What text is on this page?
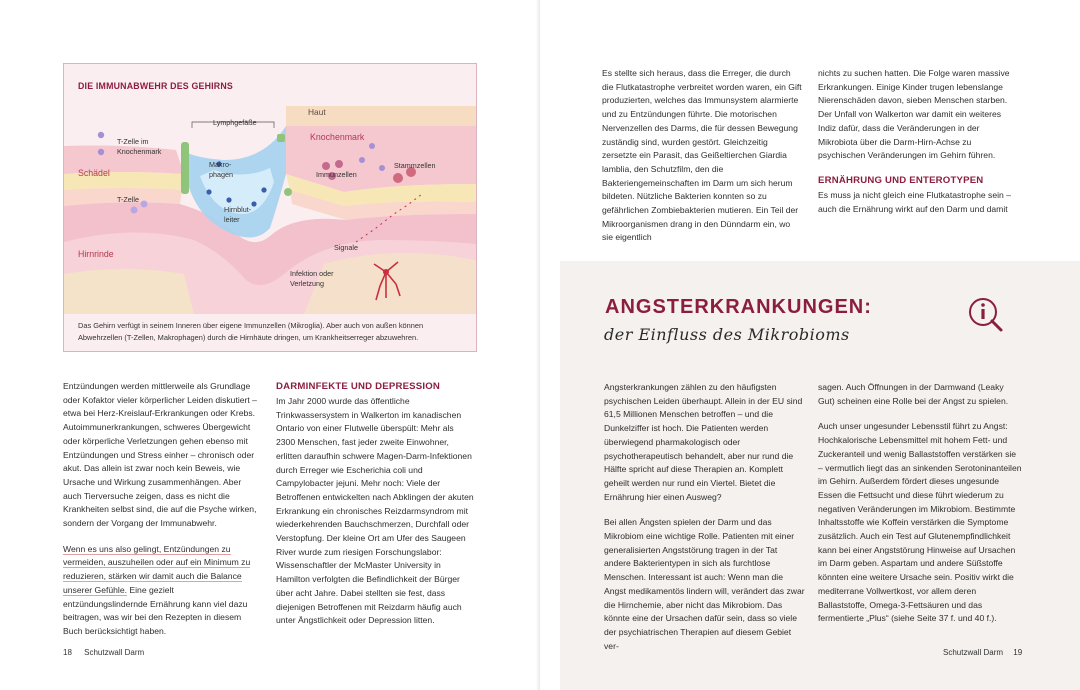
DIE IMMUNABWEHR DES GEHIRNS
Haut
Knochenmark
Schädel
Hirnrinde
Lymphgefäße
T-Zelle im
Knochenmark
Makro-
phagen
T-Zelle
Immunzellen
Stammzellen
Hirnblut-
leiter
Signale
Infektion oder
Verletzung
Das Gehirn verfügt in seinem Inneren über eigene Immunzellen (Mikroglia). Aber auch von außen können Abwehrzellen (T-Zellen, Makrophagen) durch die Hirnhäute dringen, um Krankheitserreger abzuwehren.

Entzündungen werden mittlerweile als Grundlage oder Kofaktor vieler körperlicher Leiden diskutiert – etwa bei Herz-Kreislauf-Erkrankungen oder Krebs. Autoimmunerkrankungen, schweres Übergewicht oder körperliche Verletzungen gehen ebenso mit Entzündungen und Stress einher – chronisch oder akut. Das allein ist zwar noch kein Beweis, wie Ursache und Wirkung zusammenhängen. Aber auch Tierversuche zeigen, dass es nicht die Krankheiten selbst sind, die auf die Psyche wirken, sondern der Vorgang der Immunabwehr.

Wenn es uns also gelingt, Entzündungen zu vermeiden, auszuheilen oder auf ein Minimum zu reduzieren, stärken wir damit auch die Balance unserer Gefühle. Eine gezielt entzündungslindernde Ernährung kann viel dazu beitragen, was wir bei den Rezepten in diesem Buch berücksichtigt haben.

DARMINFEKTE UND DEPRESSION

Im Jahr 2000 wurde das öffentliche Trinkwassersystem in Walkerton im kanadischen Ontario von einer Flutwelle überspült: Mehr als 2300 Menschen, fast jeder zweite Einwohner, erlitten daraufhin schwere Magen-Darm-Infektionen durch Erreger wie Escherichia coli und Campylobacter jejuni. Mehr noch: Viele der Betroffenen entwickelten nach Abklingen der akuten Erkrankung ein chronisches Reizdarmsyndrom mit wiederkehrenden Bauchschmerzen, Durchfall oder Verstopfung. Der kleine Ort am Ufer des Saugeen River wurde zum riesigen Forschungslabor: Wissenschaftler der McMaster University in Hamilton verfolgten die Befindlichkeit der Bürger über acht Jahre. Dabei stellten sie fest, dass diejenigen Betroffenen mit Reizdarm häufig auch unter Ängstlichkeit oder Depression litten.

18 Schutzwall Darm

Es stellte sich heraus, dass die Erreger, die durch die Flutkatastrophe verbreitet worden waren, ein Gift produzierten, welches das Immunsystem alarmierte und zu Entzündungen führte. Die motorischen Nervenzellen des Darms, die für dessen Bewegung zuständig sind, wurden gestört. Gleichzeitig zersetzte ein Parasit, das Geißeltierchen Giardia lamblia, den Schutzfilm, den die Bakteriengemeinschaften im Darm um sich herum bildeten. Nützliche Bakterien konnten so zu gefährlichen Zombiebakterien mutieren. Ein Teil der Mikroorganismen drang in den Dünndarm ein, wo sie eigentlich

nichts zu suchen hatten. Die Folge waren massive Erkrankungen. Einige Kinder trugen lebenslange Nierenschäden davon, sieben Menschen starben. Der Unfall von Walkerton war damit ein weiteres Indiz dafür, dass die Veränderungen in der Mikrobiota über die Darm-Hirn-Achse zu psychischen Veränderungen im Gehirn führen.

ERNÄHRUNG UND ENTEROTYPEN

Es muss ja nicht gleich eine Flutkatastrophe sein – auch die Ernährung wirkt auf den Darm und damit

ANGSTERKRANKUNGEN:
der Einfluss des Mikrobioms

Angsterkrankungen zählen zu den häufigsten psychischen Leiden überhaupt. Allein in der EU sind 61,5 Millionen Menschen betroffen – und die Dunkelziffer ist hoch. Die Patienten werden überwiegend pharmakologisch oder psychotherapeutisch behandelt, aber nur rund die Hälfte spricht auf diese Therapien an. Komplett geheilt werden nur rund ein Viertel. Bietet die Ernährung hier einen Ausweg?

Bei allen Ängsten spielen der Darm und das Mikrobiom eine wichtige Rolle. Patienten mit einer generalisierten Angststörung tragen in der Tat andere Bakterientypen in sich als furchtlose Menschen. Interessant ist auch: Wenn man die Angst medikamentös lindern will, verändert das zwar die Hirnchemie, aber nicht das Mikrobiom. Das könnte eine der Ursachen dafür sein, dass so viele der psychiatrischen Therapien auf diesem Gebiet ver-

sagen. Auch Öffnungen in der Darmwand (Leaky Gut) scheinen eine Rolle bei der Angst zu spielen.

Auch unser ungesunder Lebensstil führt zu Angst: Hochkalorische Lebensmittel mit hohem Fett- und Zuckeranteil und wenig Ballaststoffen verstärken sie – vermutlich liegt das an sinkenden Serotoninanteilen im Gehirn. Außerdem fördert dieses ungesunde Essen die Fettsucht und diese führt wiederum zu negativen Veränderungen im Mikrobiom. Bestimmte Inhaltsstoffe wie Koffein verstärken die Symptome zusätzlich. Auch ein Test auf Glutenempfindlichkeit kann bei einer Angststörung Hinweise auf Ursachen im Darm geben. Aspartam und andere Süßstoffe könnten eine weitere Ursache sein. Positiv wirkt die mediterrane Vollwertkost, vor allem deren Ballaststoffe, Omega-3-Fettsäuren und das fermentierte „Plus“ (siehe Seite 37 f. und 40 f.).

Schutzwall Darm 19
